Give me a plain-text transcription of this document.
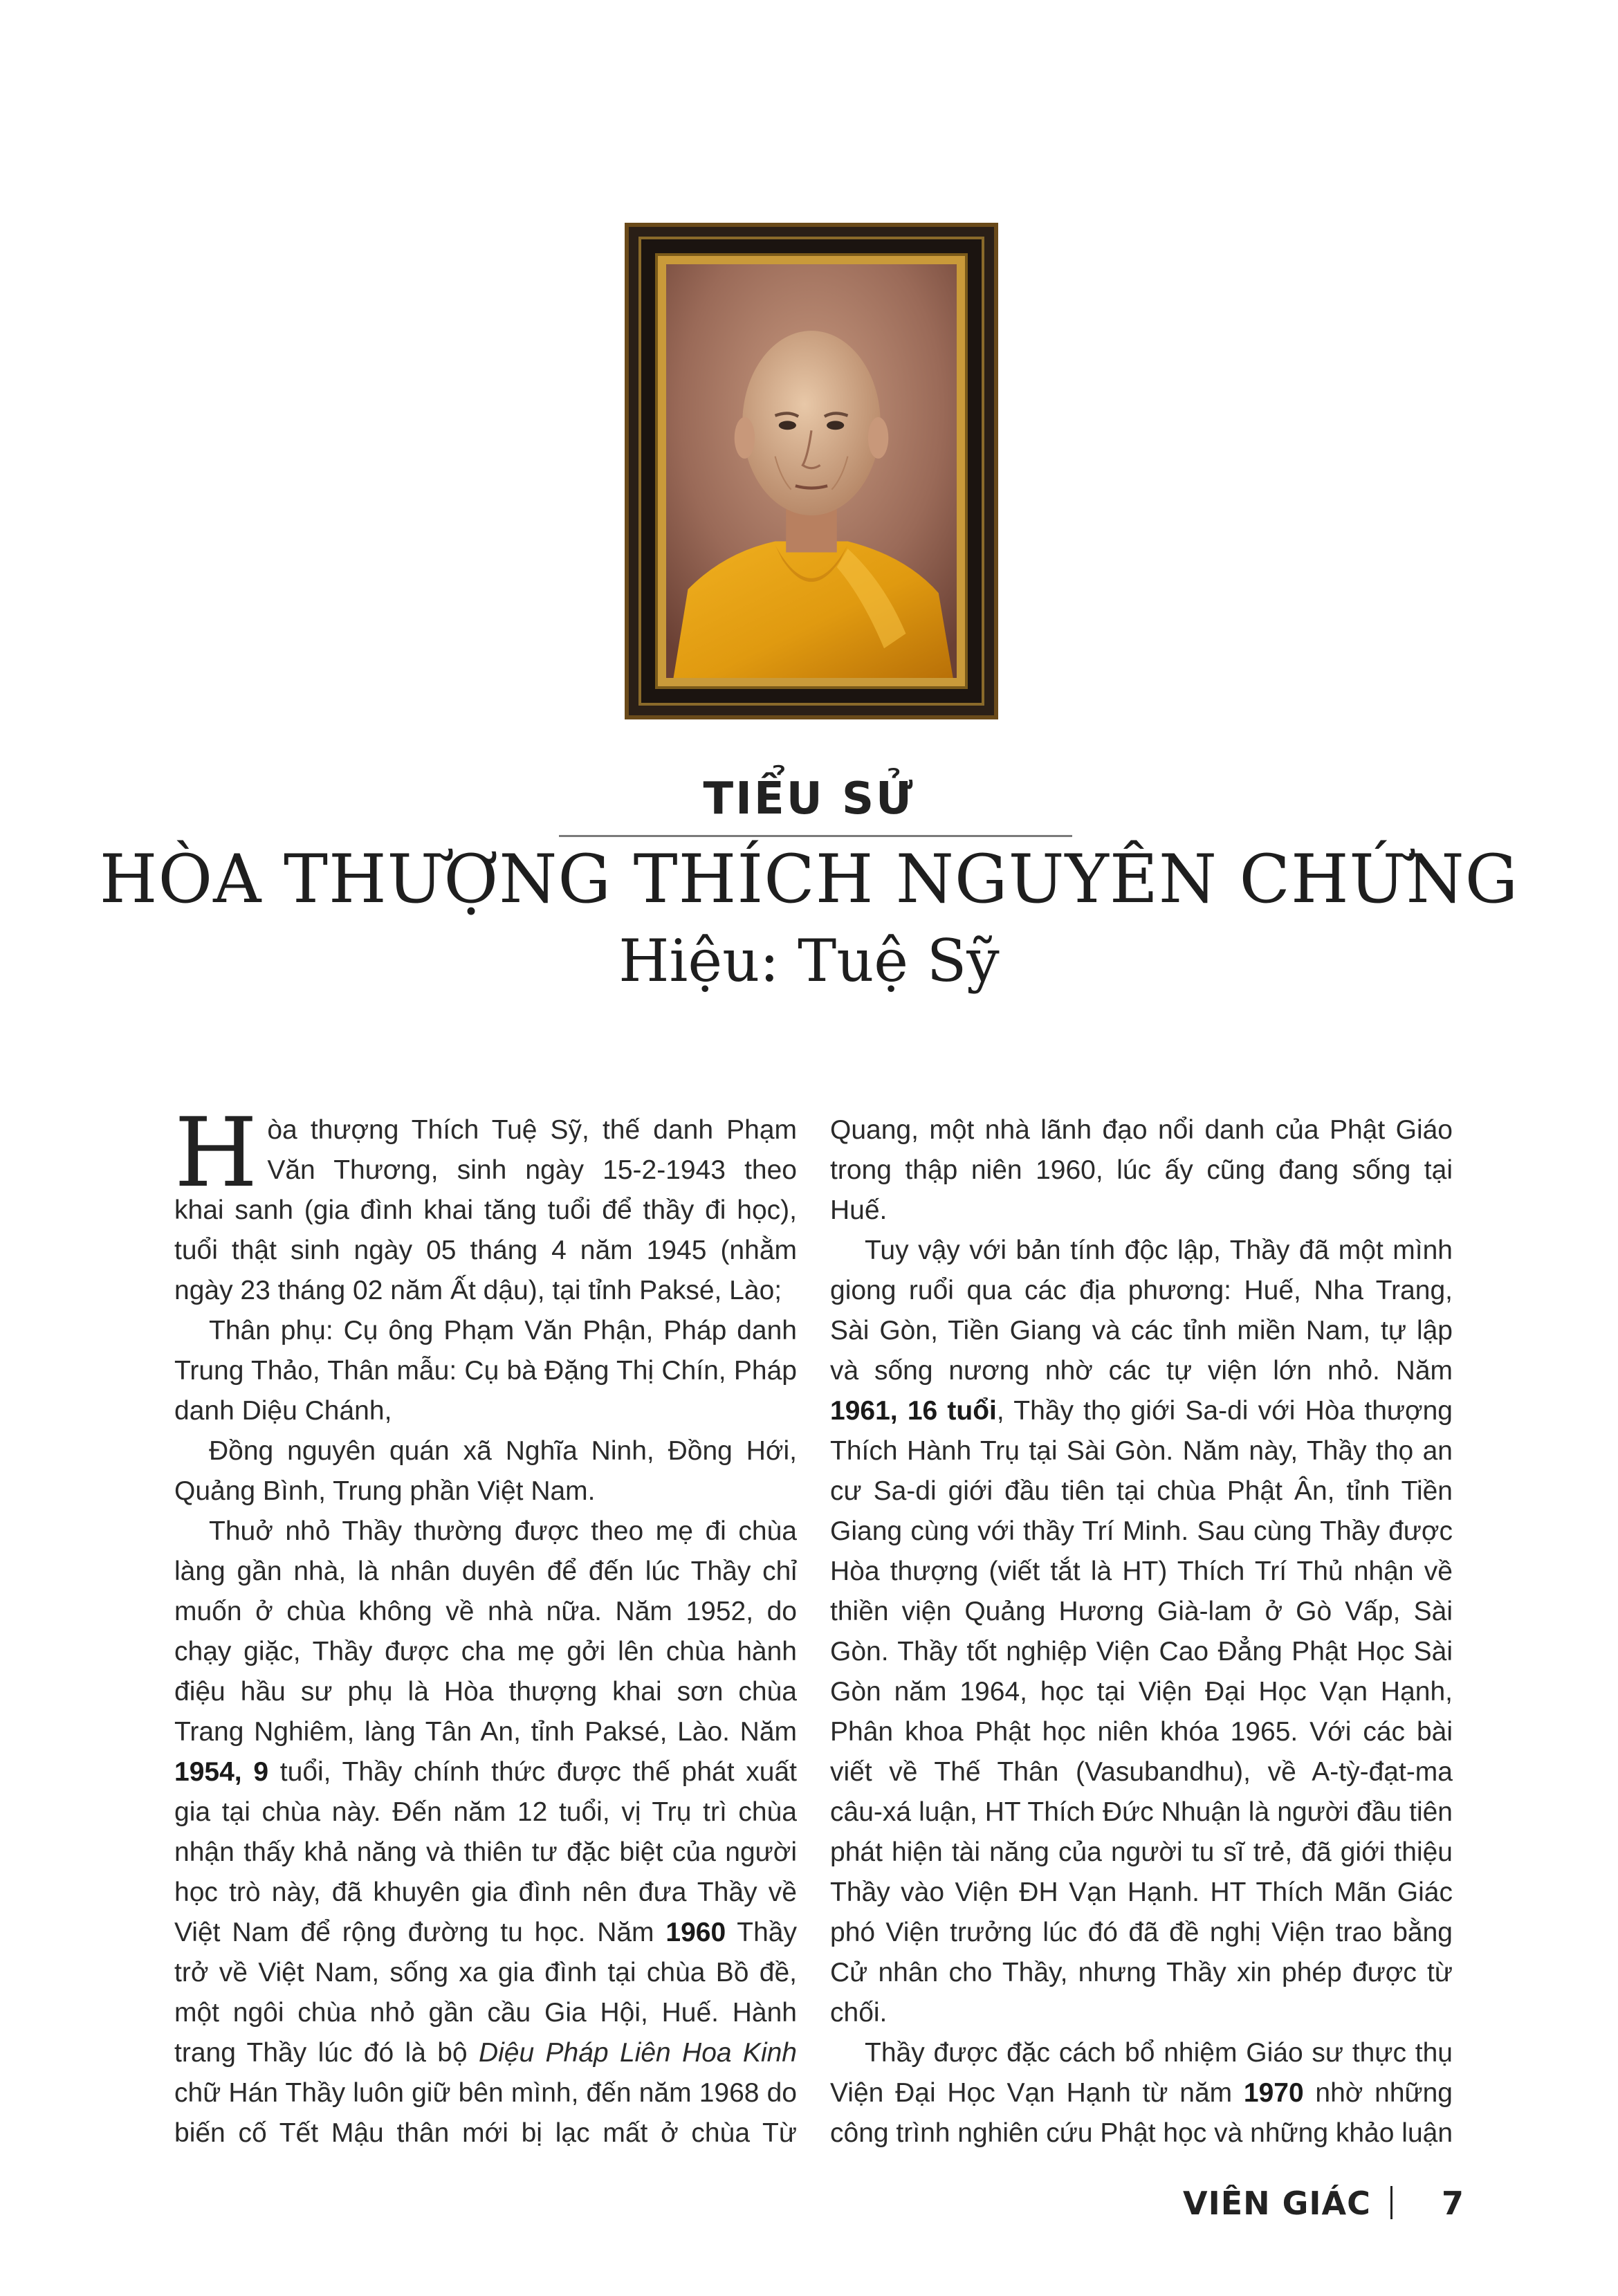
TIỂU SỬ
HÒA THƯỢNG THÍCH NGUYÊN CHỨNG
Hiệu: Tuệ Sỹ

Hòa thượng Thích Tuệ Sỹ, thế danh Phạm Văn Thương, sinh ngày 15-2-1943 theo khai sanh (gia đình khai tăng tuổi để thầy đi học), tuổi thật sinh ngày 05 tháng 4 năm 1945 (nhằm ngày 23 tháng 02 năm Ất dậu), tại tỉnh Paksé, Lào;

Thân phụ: Cụ ông Phạm Văn Phận, Pháp danh Trung Thảo, Thân mẫu: Cụ bà Đặng Thị Chín, Pháp danh Diệu Chánh,

Đồng nguyên quán xã Nghĩa Ninh, Đồng Hới, Quảng Bình, Trung phần Việt Nam.

Thuở nhỏ Thầy thường được theo mẹ đi chùa làng gần nhà, là nhân duyên để đến lúc Thầy chỉ muốn ở chùa không về nhà nữa. Năm 1952, do chạy giặc, Thầy được cha mẹ gởi lên chùa hành điệu hầu sư phụ là Hòa thượng khai sơn chùa Trang Nghiêm, làng Tân An, tỉnh Paksé, Lào. Năm 1954, 9 tuổi, Thầy chính thức được thế phát xuất gia tại chùa này. Đến năm 12 tuổi, vị Trụ trì chùa nhận thấy khả năng và thiên tư đặc biệt của người học trò này, đã khuyên gia đình nên đưa Thầy về Việt Nam để rộng đường tu học. Năm 1960 Thầy trở về Việt Nam, sống xa gia đình tại chùa Bồ đề, một ngôi chùa nhỏ gần cầu Gia Hội, Huế. Hành trang Thầy lúc đó là bộ Diệu Pháp Liên Hoa Kinh chữ Hán Thầy luôn giữ bên mình, đến năm 1968 do biến cố Tết Mậu thân mới bị lạc mất ở chùa Từ

Quang, một nhà lãnh đạo nổi danh của Phật Giáo trong thập niên 1960, lúc ấy cũng đang sống tại Huế.

Tuy vậy với bản tính độc lập, Thầy đã một mình giong ruổi qua các địa phương: Huế, Nha Trang, Sài Gòn, Tiền Giang và các tỉnh miền Nam, tự lập và sống nương nhờ các tự viện lớn nhỏ. Năm 1961, 16 tuổi, Thầy thọ giới Sa-di với Hòa thượng Thích Hành Trụ tại Sài Gòn. Năm này, Thầy thọ an cư Sa-di giới đầu tiên tại chùa Phật Ân, tỉnh Tiền Giang cùng với thầy Trí Minh. Sau cùng Thầy được Hòa thượng (viết tắt là HT) Thích Trí Thủ nhận về thiền viện Quảng Hương Già-lam ở Gò Vấp, Sài Gòn. Thầy tốt nghiệp Viện Cao Đẳng Phật Học Sài Gòn năm 1964, học tại Viện Đại Học Vạn Hạnh, Phân khoa Phật học niên khóa 1965. Với các bài viết về Thế Thân (Vasubandhu), về A-tỳ-đạt-ma câu-xá luận, HT Thích Đức Nhuận là người đầu tiên phát hiện tài năng của người tu sĩ trẻ, đã giới thiệu Thầy vào Viện ĐH Vạn Hạnh. HT Thích Mãn Giác phó Viện trưởng lúc đó đã đề nghị Viện trao bằng Cử nhân cho Thầy, nhưng Thầy xin phép được từ chối.

Thầy được đặc cách bổ nhiệm Giáo sư thực thụ Viện Đại Học Vạn Hạnh từ năm 1970 nhờ những công trình nghiên cứu Phật học và những khảo luận

VIÊN GIÁC 7
